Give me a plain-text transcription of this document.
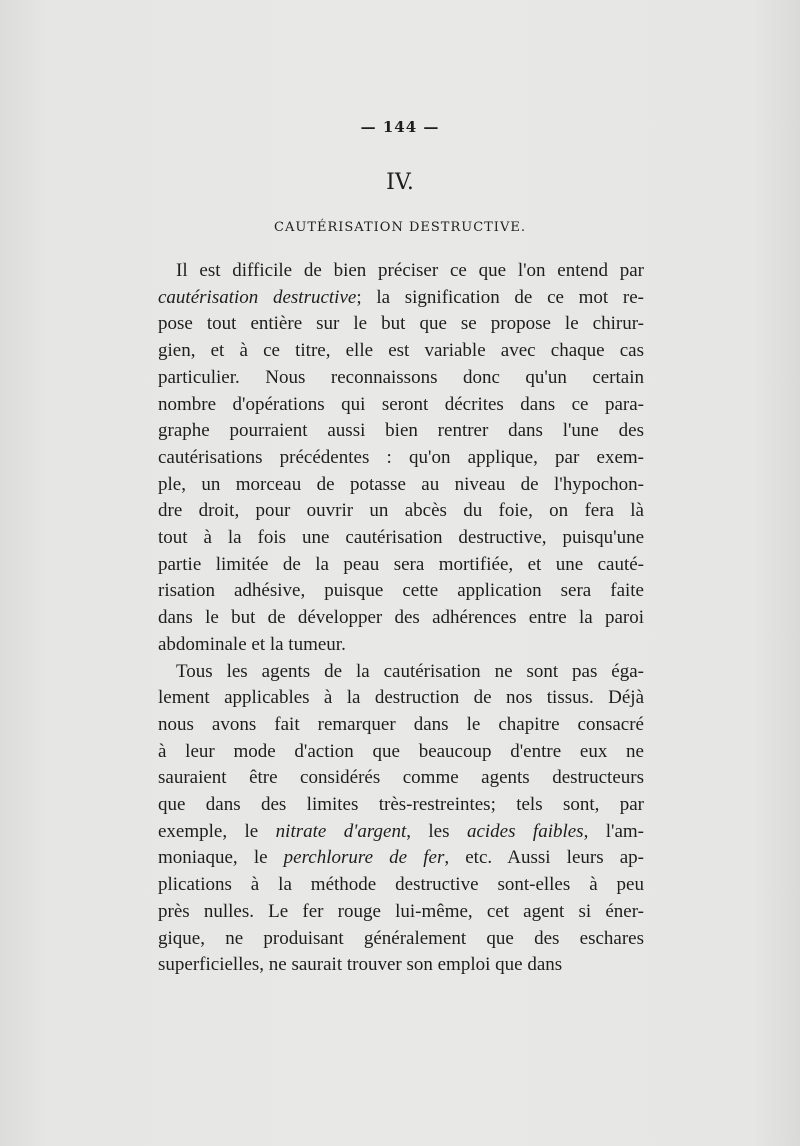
— 144 —
IV.
CAUTÉRISATION DESTRUCTIVE.
Il est difficile de bien préciser ce que l'on entend par
cautérisation destructive; la signification de ce mot re-
pose tout entière sur le but que se propose le chirur-
gien, et à ce titre, elle est variable avec chaque cas
particulier. Nous reconnaissons donc qu'un certain
nombre d'opérations qui seront décrites dans ce para-
graphe pourraient aussi bien rentrer dans l'une des
cautérisations précédentes : qu'on applique, par exem-
ple, un morceau de potasse au niveau de l'hypochon-
dre droit, pour ouvrir un abcès du foie, on fera là
tout à la fois une cautérisation destructive, puisqu'une
partie limitée de la peau sera mortifiée, et une cauté-
risation adhésive, puisque cette application sera faite
dans le but de développer des adhérences entre la paroi
abdominale et la tumeur.
Tous les agents de la cautérisation ne sont pas éga-
lement applicables à la destruction de nos tissus. Déjà
nous avons fait remarquer dans le chapitre consacré
à leur mode d'action que beaucoup d'entre eux ne
sauraient être considérés comme agents destructeurs
que dans des limites très-restreintes; tels sont, par
exemple, le nitrate d'argent, les acides faibles, l'am-
moniaque, le perchlorure de fer, etc. Aussi leurs ap-
plications à la méthode destructive sont-elles à peu
près nulles. Le fer rouge lui-même, cet agent si éner-
gique, ne produisant généralement que des eschares
superficielles, ne saurait trouver son emploi que dans
